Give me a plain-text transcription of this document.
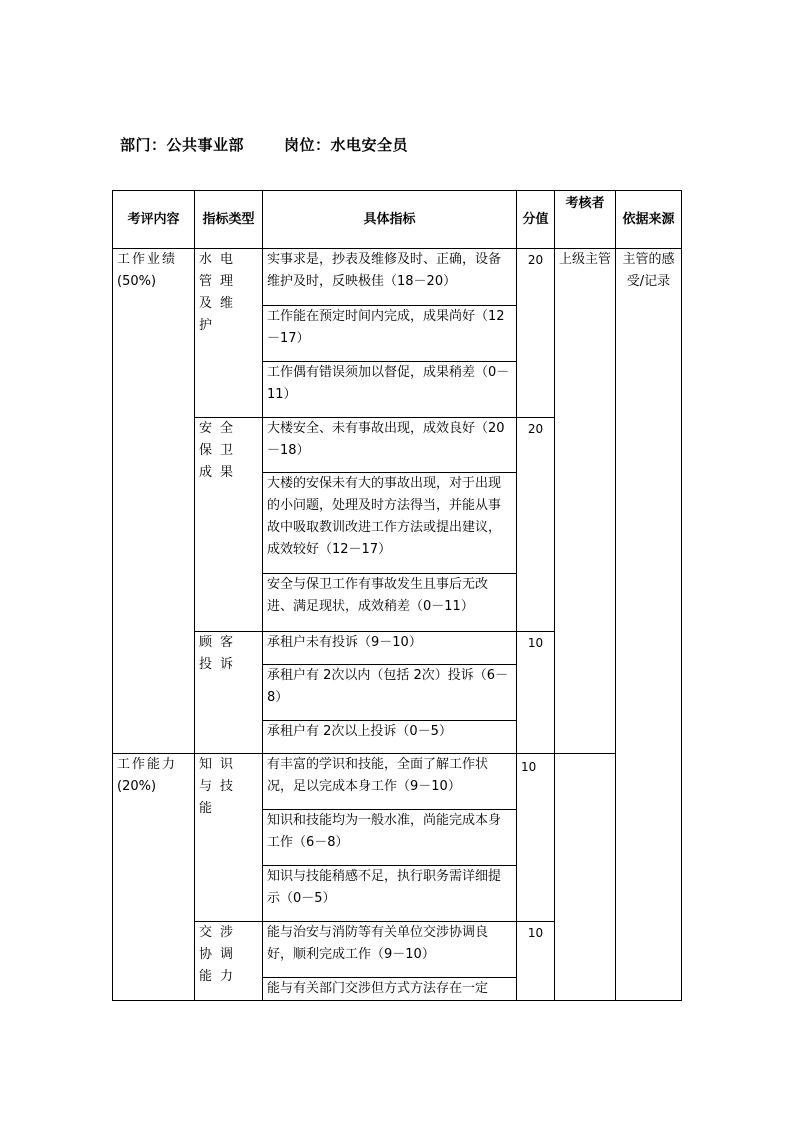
部门：公共事业部	岗位：水电安全员
考评内容	指标类型	具体指标	分值	考核者	依据来源
工作业绩
(50%)	水电管理及维护	实事求是，抄表及维修及时、正确，设备维护及时，反映极佳（18－20）	20	上级主管	主管的感受/记录
		工作能在预定时间内完成，成果尚好（12－17）			
		工作偶有错误须加以督促，成果稍差（0－11）			
	安全保卫成果	大楼安全、未有事故出现，成效良好（20－18）	20		
		大楼的安保未有大的事故出现，对于出现的小问题，处理及时方法得当，并能从事故中吸取教训改进工作方法或提出建议，成效较好（12－17）			
		安全与保卫工作有事故发生且事后无改进、满足现状，成效稍差（0－11）			
	顾客投诉	承租户未有投诉（9－10）	10		
		承租户有 2次以内（包括 2次）投诉（6－8）			
		承租户有 2次以上投诉（0－5）			
工作能力
(20%)	知识与技能	有丰富的学识和技能，全面了解工作状况，足以完成本身工作（9－10）	10		
		知识和技能均为一般水准，尚能完成本身工作（6－8）			
		知识与技能稍感不足，执行职务需详细提示（0－5）			
	交涉协调能力	能与治安与消防等有关单位交涉协调良好，顺利完成工作（9－10）	10		
		能与有关部门交涉但方式方法存在一定			
